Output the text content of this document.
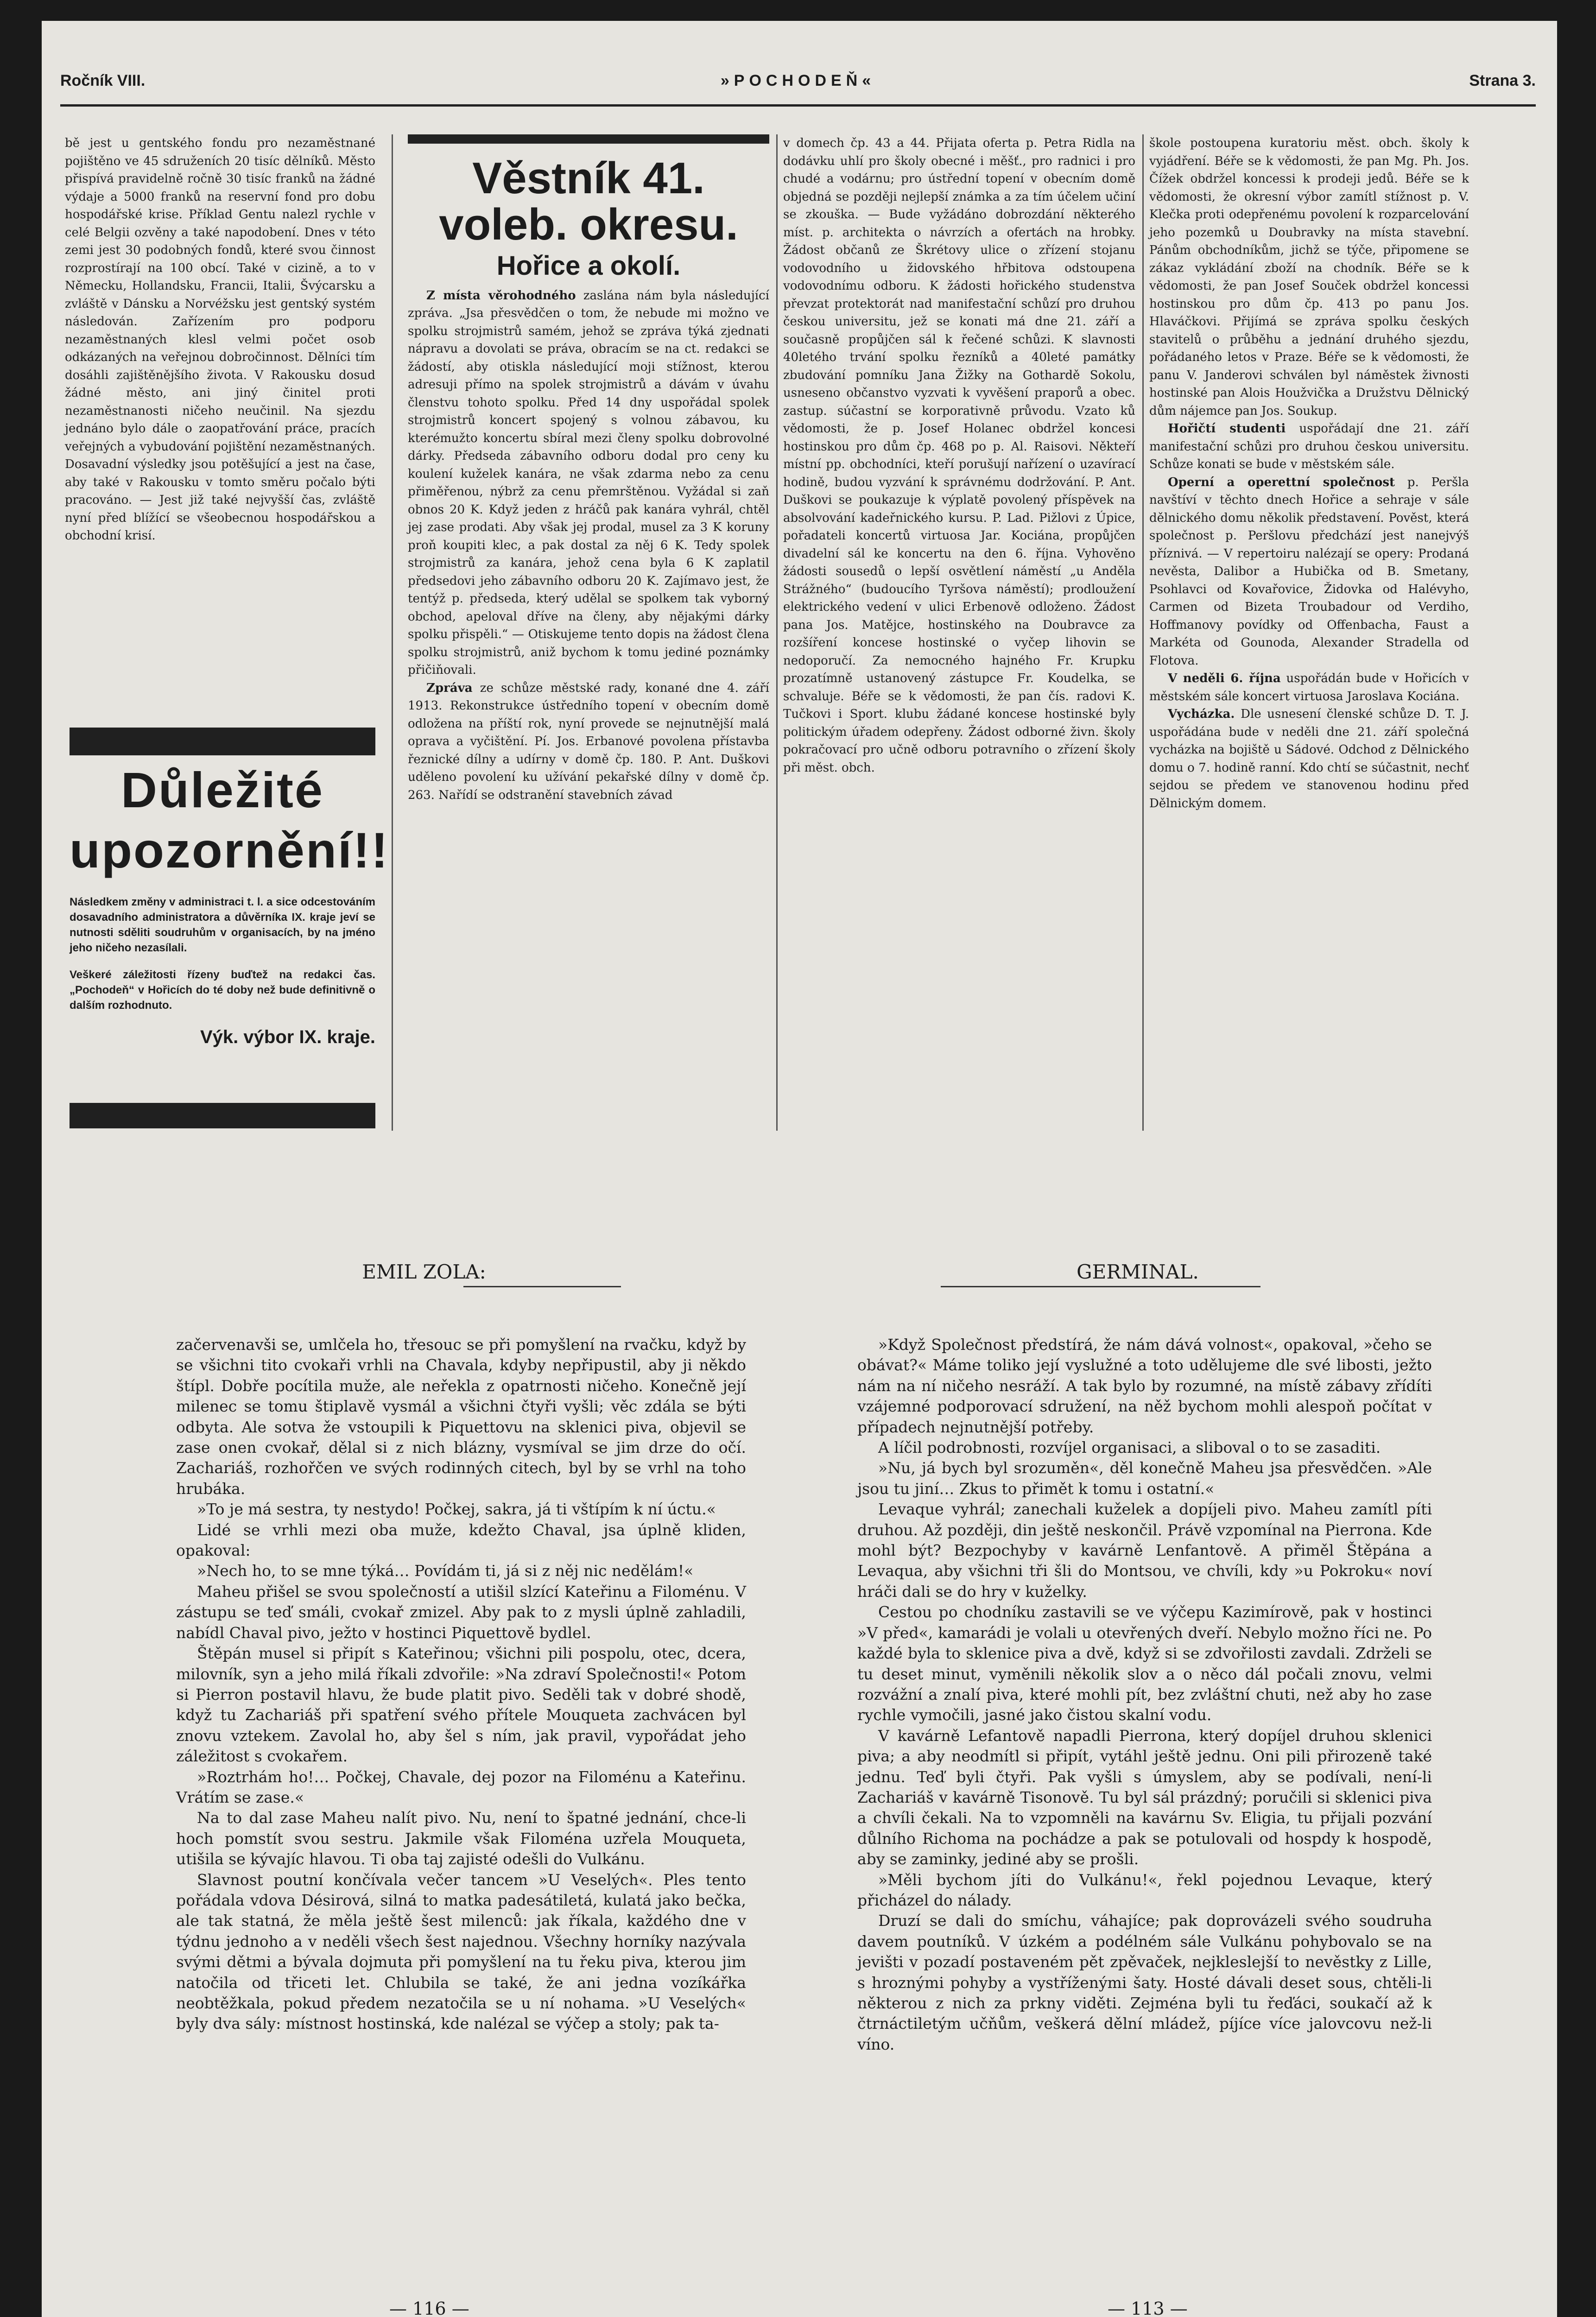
Ročník VIII.	»POCHODEŇ«	Strana 3.

bě jest u gentského fondu pro nezaměstnané pojištěno ve 45 sdruženích 20 tisíc dělníků. Město přispívá pravidelně ročně 30 tisíc franků na žádné výdaje a 5000 franků na reservní fond pro dobu hospodářské krise. Příklad Gentu nalezl rychle v celé Belgii ozvěny a také napodobení. Dnes v této zemi jest 30 podobných fondů, které svou činnost rozprostírají na 100 obcí. Také v cizině, a to v Německu, Hollandsku, Francii, Italii, Švýcarsku a zvláště v Dánsku a Norvéžsku jest gentský systém následován. Zařízením pro podporu nezaměstnaných klesl velmi počet osob odkázaných na veřejnou dobročinnost. Dělníci tím dosáhli zajištěnějšího života. V Rakousku dosud žádné město, ani jiný činitel proti nezaměstnanosti ničeho neučinil. Na sjezdu jednáno bylo dále o zaopatřování práce, pracích veřejných a vybudování pojištění nezaměstnaných. Dosavadní výsledky jsou potěšující a jest na čase, aby také v Rakousku v tomto směru počalo býti pracováno. — Jest již také nejvyšší čas, zvláště nyní před blížící se všeobecnou hospodářskou a obchodní krisí.

Důležité upozornění!!
Následkem změny v administraci t. l. a sice odcestováním dosavadního administratora a důvěrníka IX. kraje jeví se nutnosti sděliti soudruhům v organisacích, by na jméno jeho ničeho nezasílali.
Veškeré záležitosti řízeny buďtež na redakci čas. „Pochodeň“ v Hořicích do té doby než bude definitivně o dalším rozhodnuto.
Výk. výbor IX. kraje.
Věstník 41. voleb. okresu.
Hořice a okolí.

Z místa věrohodného zaslána nám byla následující zpráva. „Jsa přesvědčen o tom, že nebude mi možno ve spolku strojmistrů samém, jehož se zpráva týká zjednati nápravu a dovolati se práva, obracím se na ct. redakci se žádostí, aby otiskla následující moji stížnost, kterou adresuji přímo na spolek strojmistrů a dávám v úvahu členstvu tohoto spolku. Před 14 dny uspořádal spolek strojmistrů koncert spojený s volnou zábavou, ku kterémužto koncertu sbíral mezi členy spolku dobrovolné dárky. Předseda zábavního odboru dodal pro ceny ku koulení kuželek kanára, ne však zdarma nebo za cenu přiměřenou, nýbrž za cenu přemrštěnou. Vyžádal si zaň obnos 20 K. Když jeden z hráčů pak kanára vyhrál, chtěl jej zase prodati. Aby však jej prodal, musel za 3 K koruny proň koupiti klec, a pak dostal za něj 6 K. Tedy spolek strojmistrů za kanára, jehož cena byla 6 K zaplatil předsedovi jeho zábavního odboru 20 K. Zajímavo jest, že tentýž p. předseda, který udělal se spolkem tak vyborný obchod, apeloval dříve na členy, aby nějakými dárky spolku přispěli.“ — Otiskujeme tento dopis na žádost člena spolku strojmistrů, aniž bychom k tomu jediné poznámky přičiňovali.

Zpráva ze schůze městské rady, konané dne 4. září 1913. Rekonstrukce ústředního topení v obecním domě odložena na příští rok, nyní provede se nejnutnější malá oprava a vyčištění. Pí. Jos. Erbanové povolena přístavba řeznické dílny a udírny v domě čp. 180. P. Ant. Duškovi uděleno povolení ku užívání pekařské dílny v domě čp. 263. Nařídí se odstranění stavebních závad

v domech čp. 43 a 44. Přijata oferta p. Petra Ridla na dodávku uhlí pro školy obecné i měšť., pro radnici i pro chudé a vodárnu; pro ústřední topení v obecním domě objedná se později nejlepší známka a za tím účelem učiní se zkouška. — Bude vyžádáno dobrozdání některého míst. p. architekta o návrzích a ofertách na hrobky. Žádost občanů ze Škrétovy ulice o zřízení stojanu vodovodního u židovského hřbitova odstoupena vodovodnímu odboru. K žádosti hořického studenstva převzat protektorát nad manifestační schůzí pro druhou českou universitu, jež se konati má dne 21. září a současně propůjčen sál k řečené schůzi. K slavnosti 40letého trvání spolku řezníků a 40leté památky zbudování pomníku Jana Žižky na Gothardě Sokolu, usneseno občanstvo vyzvati k vyvěšení praporů a obec. zastup. súčastní se korporativně průvodu. Vzato ků vědomosti, že p. Josef Holanec obdržel koncesi hostinskou pro dům čp. 468 po p. Al. Raisovi. Někteří místní pp. obchodníci, kteří porušují nařízení o uzavírací hodině, budou vyzvání k správnému dodržování. P. Ant. Duškovi se poukazuje k výplatě povolený příspěvek na absolvování kadeřnického kursu. P. Lad. Pižlovi z Úpice, pořadateli koncertů virtuosa Jar. Kociána, propůjčen divadelní sál ke koncertu na den 6. října. Vyhověno žádosti sousedů o lepší osvětlení náměstí „u Anděla Strážného“ (budoucího Tyršova náměstí); prodloužení elektrického vedení v ulici Erbenově odloženo. Žádost pana Jos. Matějce, hostinského na Doubravce za rozšíření koncese hostinské o vyčep lihovin se nedoporučí. Za nemocného hajného Fr. Krupku prozatímně ustanovený zástupce Fr. Koudelka, se schvaluje. Béře se k vědomosti, že pan čís. radovi K. Tučkovi i Sport. klubu žádané koncese hostinské byly politickým úřadem odepřeny. Žádost odborné živn. školy pokračovací pro učně odboru potravního o zřízení školy při měst. obch.

škole postoupena kuratoriu měst. obch. školy k vyjádření. Béře se k vědomosti, že pan Mg. Ph. Jos. Čížek obdržel koncessi k prodeji jedů. Béře se k vědomosti, že okresní výbor zamítl stížnost p. V. Klečka proti odepřenému povolení k rozparcelování jeho pozemků u Doubravky na místa stavební. Pánům obchodníkům, jichž se týče, připomene se zákaz vykládání zboží na chodník. Béře se k vědomosti, že pan Josef Souček obdržel koncessi hostinskou pro dům čp. 413 po panu Jos. Hlaváčkovi. Přijímá se zpráva spolku českých stavitelů o průběhu a jednání druhého sjezdu, pořádaného letos v Praze. Béře se k vědomosti, že panu V. Janderovi schválen byl náměstek živnosti hostinské pan Alois Houžvička a Družstvu Dělnický dům nájemce pan Jos. Soukup.

Hořičtí studenti uspořádají dne 21. září manifestační schůzi pro druhou českou universitu. Schůze konati se bude v městském sále.

Operní a operettní společnost p. Peršla navštíví v těchto dnech Hořice a sehraje v sále dělnického domu několik představení. Pověst, která společnost p. Peršlovu předchází jest nanejvýš příznivá. — V repertoiru nalézají se opery: Prodaná nevěsta, Dalibor a Hubička od B. Smetany, Psohlavci od Kovařovice, Židovka od Halévyho, Carmen od Bizeta Troubadour od Verdiho, Hoffmanovy povídky od Offenbacha, Faust a Markéta od Gounoda, Alexander Stradella od Flotova.

V neděli 6. října uspořádán bude v Hořicích v městském sále koncert virtuosa Jaroslava Kociána.

Vycházka. Dle usnesení členské schůze D. T. J. uspořádána bude v neděli dne 21. září společná vycházka na bojiště u Sádové. Odchod z Dělnického domu o 7. hodině ranní. Kdo chtí se súčastnit, nechť sejdou se předem ve stanovenou hodinu před Dělnickým domem.

EMIL ZOLA:	GERMINAL.

začervenavši se, umlčela ho, třesouc se při pomyšlení na rvačku, když by se všichni tito cvokaři vrhli na Chavala, kdyby nepřipustil, aby ji někdo štípl. Dobře pocítila muže, ale neřekla z opatrnosti ničeho. Konečně její milenec se tomu štiplavě vysmál a všichni čtyři vyšli; věc zdála se býti odbyta. Ale sotva že vstoupili k Piquettovu na sklenici piva, objevil se zase onen cvokař, dělal si z nich blázny, vysmíval se jim drze do očí. Zachariáš, rozhořčen ve svých rodinných citech, byl by se vrhl na toho hrubáka.

»To je má sestra, ty nestydo! Počkej, sakra, já ti vštípím k ní úctu.«

Lidé se vrhli mezi oba muže, kdežto Chaval, jsa úplně kliden, opakoval:

»Nech ho, to se mne týká… Povídám ti, já si z něj nic nedělám!«

Maheu přišel se svou společností a utišil slzící Kateřinu a Filoménu. V zástupu se teď smáli, cvokař zmizel. Aby pak to z mysli úplně zahladili, nabídl Chaval pivo, ježto v hostinci Piquettově bydlel.

Štěpán musel si připít s Kateřinou; všichni pili pospolu, otec, dcera, milovník, syn a jeho milá říkali zdvořile: »Na zdraví Společnosti!« Potom si Pierron postavil hlavu, že bude platit pivo. Seděli tak v dobré shodě, když tu Zachariáš při spatření svého přítele Mouqueta zachvácen byl znovu vztekem. Zavolal ho, aby šel s ním, jak pravil, vypořádat jeho záležitost s cvokařem.

»Roztrhám ho!… Počkej, Chavale, dej pozor na Filoménu a Kateřinu. Vrátím se zase.«

Na to dal zase Maheu nalít pivo. Nu, není to špatné jednání, chce-li hoch pomstít svou sestru. Jakmile však Filoména uzřela Mouqueta, utišila se kývajíc hlavou. Ti oba taj zajisté odešli do Vulkánu.

Slavnost poutní končívala večer tancem »U Veselých«. Ples tento pořádala vdova Désirová, silná to matka padesátiletá, kulatá jako bečka, ale tak statná, že měla ještě šest milenců: jak říkala, každého dne v týdnu jednoho a v neděli všech šest najednou. Všechny horníky nazývala svými dětmi a bývala dojmuta při pomyšlení na tu řeku piva, kterou jim natočila od třiceti let. Chlubila se také, že ani jedna vozíkářka neobtěžkala, pokud předem nezatočila se u ní nohama. »U Veselých« byly dva sály: místnost hostinská, kde nalézal se výčep a stoly; pak ta-

»Když Společnost předstírá, že nám dává volnost«, opakoval, »čeho se obávat?« Máme toliko její vyslužné a toto udělujeme dle své libosti, ježto nám na ní ničeho nesráží. A tak bylo by rozumné, na místě zábavy zřídíti vzájemné podporovací sdružení, na něž bychom mohli alespoň počítat v případech nejnutnější potřeby.

A líčil podrobnosti, rozvíjel organisaci, a sliboval o to se zasaditi.

»Nu, já bych byl srozuměn«, děl konečně Maheu jsa přesvědčen. »Ale jsou tu jiní… Zkus to přimět k tomu i ostatní.«

Levaque vyhrál; zanechali kuželek a dopíjeli pivo. Maheu zamítl píti druhou. Až později, din ještě neskončil. Právě vzpomínal na Pierrona. Kde mohl být? Bezpochyby v kavárně Lenfantově. A přiměl Štěpána a Levaqua, aby všichni tři šli do Montsou, ve chvíli, kdy »u Pokroku« noví hráči dali se do hry v kuželky.

Cestou po chodníku zastavili se ve výčepu Kazimírově, pak v hostinci »V před«, kamarádi je volali u otevřených dveří. Nebylo možno říci ne. Po každé byla to sklenice piva a dvě, když si se zdvořilosti zavdali. Zdrželi se tu deset minut, vyměnili několik slov a o něco dál počali znovu, velmi rozvážní a znalí piva, které mohli pít, bez zvláštní chuti, než aby ho zase rychle vymočili, jasné jako čistou skalní vodu.

V kavárně Lefantově napadli Pierrona, který dopíjel druhou sklenici piva; a aby neodmítl si připít, vytáhl ještě jednu. Oni pili přirozeně také jednu. Teď byli čtyři. Pak vyšli s úmyslem, aby se podívali, není-li Zachariáš v kavárně Tisonově. Tu byl sál prázdný; poručili si sklenici piva a chvíli čekali. Na to vzpomněli na kavárnu Sv. Eligia, tu přijali pozvání důlního Richoma na pochádze a pak se potulovali od hospdy k hospodě, aby se zaminky, jediné aby se prošli.

»Měli bychom jíti do Vulkánu!«, řekl pojednou Levaque, který přicházel do nálady.

Druzí se dali do smíchu, váhajíce; pak doprovázeli svého soudruha davem poutníků. V úzkém a podélném sále Vulkánu pohybovalo se na jevišti v pozadí postaveném pět zpěvaček, nejkleslejší to nevěstky z Lille, s hroznými pohyby a vystříženými šaty. Hosté dávali deset sous, chtěli-li některou z nich za prkny viděti. Zejména byli tu řeďáci, soukačí až k čtrnáctiletým učňům, veškerá dělní mládež, píjíce více jalovcovu než-li víno.

— 116 —	— 113 —
